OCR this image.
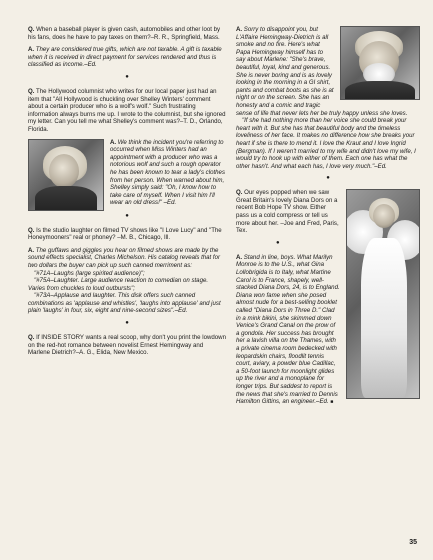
Q. When a baseball player is given cash, automobiles and other loot by his fans, does he have to pay taxes on them?–R. R., Springfield, Mass.

A. They are considered true gifts, which are not taxable. A gift is taxable when it is received in direct payment for services rendered and thus is classified as income.–Ed.

●

Q. The Hollywood columnist who writes for our local paper just had an item that "All Hollywood is chuckling over Shelley Winters' comment about a certain producer who is a wolf's wolf." Such frustrating information always burns me up. I wrote to the columnist, but she ignored my letter. Can you tell me what Shelley's comment was?–T. D., Orlando, Florida.

A. We think the incident you're referring to occurred when Miss Winters had an appointment with a producer who was a notorious wolf and such a rough operator he has been known to tear a lady's clothes from her person. When warned about him, Shelley simply said: "Oh, I know how to take care of myself. When I visit him I'll wear an old dress!" –Ed.

●

Q. Is the studio laughter on filmed TV shows like "I Love Lucy" and "The Honeymooners" real or phoney? –M. B., Chicago, Ill.

A. The guffaws and giggles you hear on filmed shows are made by the sound effects specialist, Charles Michelson. His catalog reveals that for two dollars the buyer can pick up such canned merriment as:

"#71A–Laughs (large spirited audience)";

"#75A–Laughter. Large audience reaction to comedian on stage. Varies from chuckles to loud outbursts";

"#73A–Applause and laughter. This disk offers such canned combinations as 'applause and whistles', 'laughs into applause' and just plain 'laughs' in four, six, eight and nine-second sizes".–Ed.

●

Q. If INSIDE STORY wants a real scoop, why don't you print the lowdown on the red-hot romance between novelist Ernest Hemingway and Marlene Dietrich?–A. G., Elida, New Mexico.

A. Sorry to disappoint you, but L'Affaire Hemingway-Dietrich is all smoke and no fire. Here's what Papa Hemingway himself has to say about Marlene: "She's brave, beautiful, loyal, kind and generous. She is never boring and is as lovely looking in the morning in a GI shirt, pants and combat boots as she is at night or on the screen. She has an honesty and a comic and tragic sense of life that never lets her be truly happy unless she loves.

"If she had nothing more than her voice she could break your heart with it. But she has that beautiful body and the timeless loveliness of her face. It makes no difference how she breaks your heart if she is there to mend it. I love the Kraut and I love Ingrid (Bergman). If I weren't married to my wife and didn't love my wife, I would try to hook up with either of them. Each one has what the other hasn't. And what each has, I love very much."–Ed.

●

Q. Our eyes popped when we saw Great Britain's lovely Diana Dors on a recent Bob Hope TV show. Either pass us a cold compress or tell us more about her. –Joe and Fred, Paris, Tex.

●

A. Stand in line, boys. What Marilyn Monroe is to the U.S., what Gina Lollobrigida is to Italy, what Martine Carol is to France, shapely, well-stacked Diana Dors, 24, is to England. Diana won fame when she posed almost nude for a best-selling booklet called "Diana Dors in Three D." Clad in a mink bikini, she skimmed down Venice's Grand Canal on the prow of a gondola. Her success has brought her a lavish villa on the Thames, with a private cinema room bedecked with leopardskin chairs, floodlit tennis court, aviary, a powder blue Cadillac, a 50-foot launch for moonlight glides up the river and a monoplane for longer trips. But saddest to report is the news that she's married to Dennis Hamilton Gittins, an engineer.–Ed. ■

35
